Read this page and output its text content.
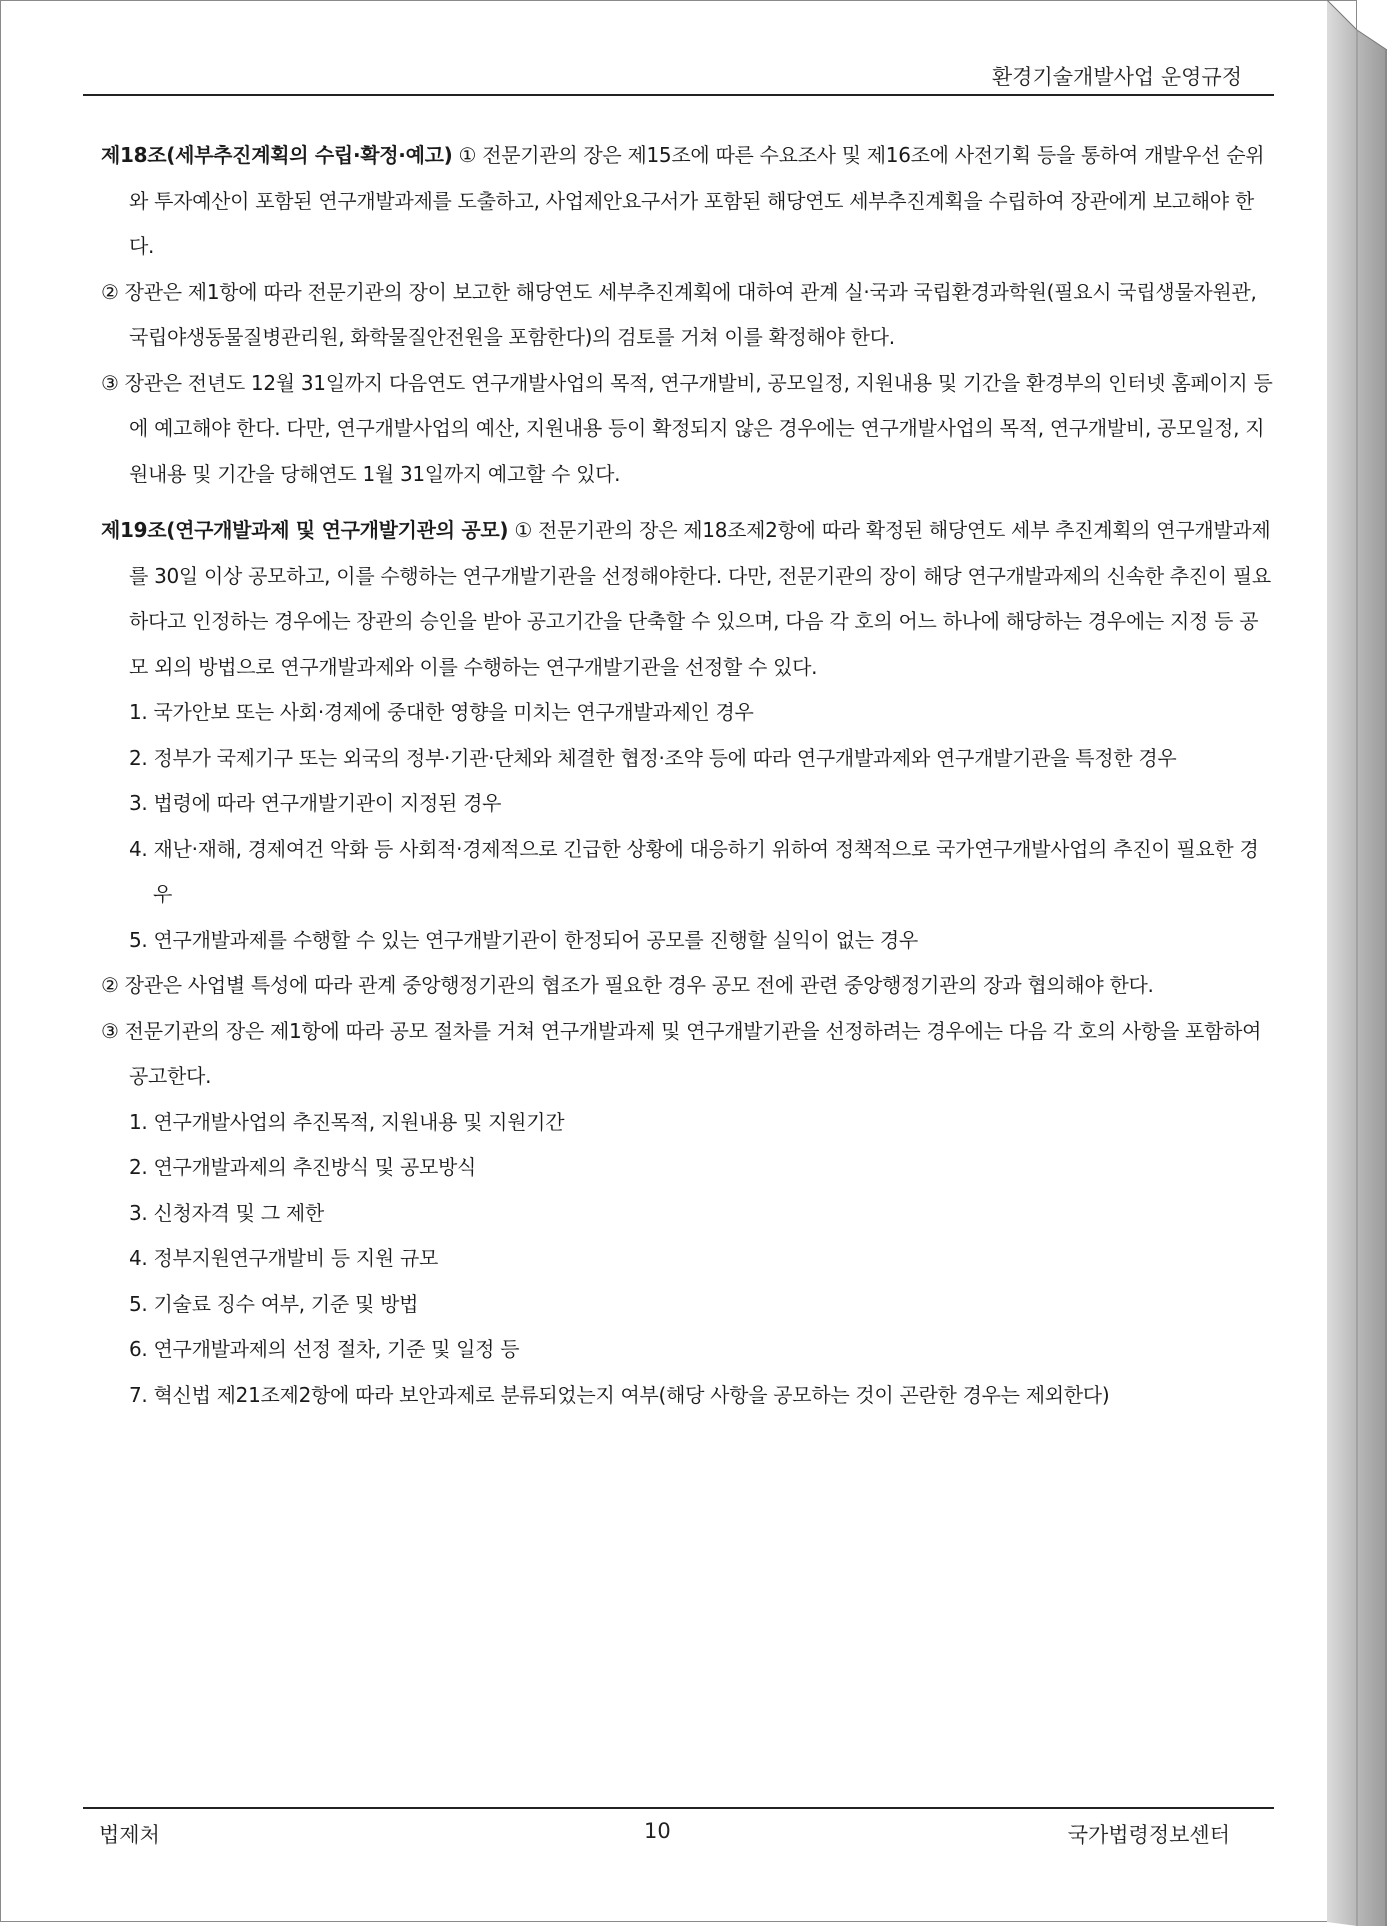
환경기술개발사업 운영규정

제18조(세부추진계획의 수립·확정·예고) ① 전문기관의 장은 제15조에 따른 수요조사 및 제16조에 사전기획 등을 통하여 개발우선 순위와 투자예산이 포함된 연구개발과제를 도출하고, 사업제안요구서가 포함된 해당연도 세부추진계획을 수립하여 장관에게 보고해야 한다.
② 장관은 제1항에 따라 전문기관의 장이 보고한 해당연도 세부추진계획에 대하여 관계 실·국과 국립환경과학원(필요시 국립생물자원관, 국립야생동물질병관리원, 화학물질안전원을 포함한다)의 검토를 거쳐 이를 확정해야 한다.
③ 장관은 전년도 12월 31일까지 다음연도 연구개발사업의 목적, 연구개발비, 공모일정, 지원내용 및 기간을 환경부의 인터넷 홈페이지 등에 예고해야 한다. 다만, 연구개발사업의 예산, 지원내용 등이 확정되지 않은 경우에는 연구개발사업의 목적, 연구개발비, 공모일정, 지원내용 및 기간을 당해연도 1월 31일까지 예고할 수 있다.

제19조(연구개발과제 및 연구개발기관의 공모) ① 전문기관의 장은 제18조제2항에 따라 확정된 해당연도 세부 추진계획의 연구개발과제를 30일 이상 공모하고, 이를 수행하는 연구개발기관을 선정해야한다. 다만, 전문기관의 장이 해당 연구개발과제의 신속한 추진이 필요하다고 인정하는 경우에는 장관의 승인을 받아 공고기간을 단축할 수 있으며, 다음 각 호의 어느 하나에 해당하는 경우에는 지정 등 공모 외의 방법으로 연구개발과제와 이를 수행하는 연구개발기관을 선정할 수 있다.
1. 국가안보 또는 사회·경제에 중대한 영향을 미치는 연구개발과제인 경우
2. 정부가 국제기구 또는 외국의 정부·기관·단체와 체결한 협정·조약 등에 따라 연구개발과제와 연구개발기관을 특정한 경우
3. 법령에 따라 연구개발기관이 지정된 경우
4. 재난·재해, 경제여건 악화 등 사회적·경제적으로 긴급한 상황에 대응하기 위하여 정책적으로 국가연구개발사업의 추진이 필요한 경우
5. 연구개발과제를 수행할 수 있는 연구개발기관이 한정되어 공모를 진행할 실익이 없는 경우
② 장관은 사업별 특성에 따라 관계 중앙행정기관의 협조가 필요한 경우 공모 전에 관련 중앙행정기관의 장과 협의해야 한다.
③ 전문기관의 장은 제1항에 따라 공모 절차를 거쳐 연구개발과제 및 연구개발기관을 선정하려는 경우에는 다음 각 호의 사항을 포함하여 공고한다.
1. 연구개발사업의 추진목적, 지원내용 및 지원기간
2. 연구개발과제의 추진방식 및 공모방식
3. 신청자격 및 그 제한
4. 정부지원연구개발비 등 지원 규모
5. 기술료 징수 여부, 기준 및 방법
6. 연구개발과제의 선정 절차, 기준 및 일정 등
7. 혁신법 제21조제2항에 따라 보안과제로 분류되었는지 여부(해당 사항을 공모하는 것이 곤란한 경우는 제외한다)

법제처	10	국가법령정보센터
